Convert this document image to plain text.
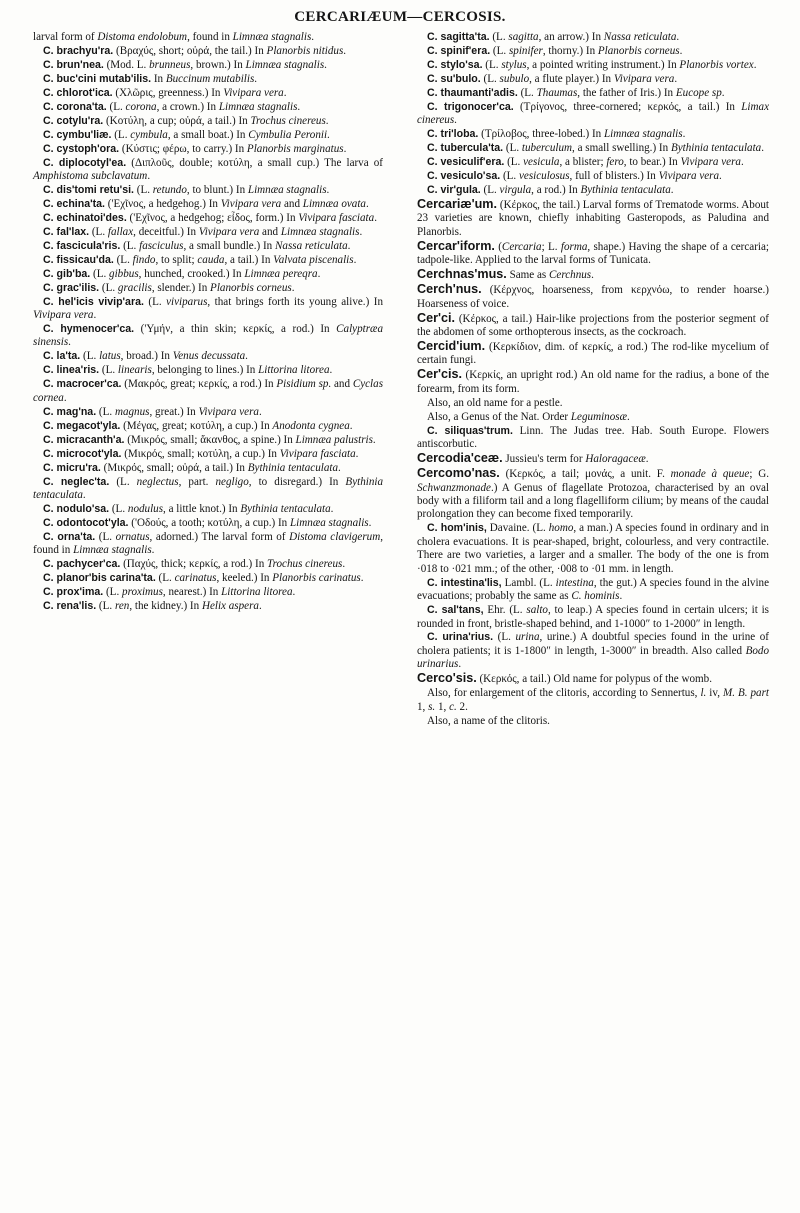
CERCARIÆUM—CERCOSIS.

larval form of Distoma endolobum, found in Limnæa stagnalis.

C. brachyu'ra. (Βραχύς, short; οὐρά, the tail.) In Planorbis nitidus.

C. brun'nea. (Mod. L. brunneus, brown.) In Limnæa stagnalis.

C. buc'cini mutab'ilis. In Buccinum mutabilis.

C. chlorot'ica. (Χλῶρις, greenness.) In Vivipara vera.

C. corona'ta. (L. corona, a crown.) In Limnæa stagnalis.

C. cotylu'ra. (Κοτύλη, a cup; οὐρά, a tail.) In Trochus cinereus.

C. cymbu'liæ. (L. cymbula, a small boat.) In Cymbulia Peronii.

C. cystoph'ora. (Κύστις; φέρω, to carry.) In Planorbis marginatus.

C. diplocotyl'ea. (Διπλοῦς, double; κοτύλη, a small cup.) The larva of Amphistoma subclavatum.

C. dis'tomi retu'si. (L. retundo, to blunt.) In Limnæa stagnalis.

C. echina'ta. ('Εχῖνος, a hedgehog.) In Vivipara vera and Limnæa ovata.

C. echinatoi'des. ('Εχῖνος, a hedgehog; εἶδος, form.) In Vivipara fasciata.

C. fal'lax. (L. fallax, deceitful.) In Vivipara vera and Limnæa stagnalis.

C. fascicula'ris. (L. fasciculus, a small bundle.) In Nassa reticulata.

C. fissicau'da. (L. findo, to split; cauda, a tail.) In Valvata piscenalis.

C. gib'ba. (L. gibbus, hunched, crooked.) In Limnæa pereqra.

C. grac'ilis. (L. gracilis, slender.) In Planorbis corneus.

C. hel'icis vivip'ara. (L. viviparus, that brings forth its young alive.) In Vivipara vera.

C. hymenocer'ca. ('Υμήν, a thin skin; κερκίς, a rod.) In Calyptræa sinensis.

C. la'ta. (L. latus, broad.) In Venus decussata.

C. linea'ris. (L. linearis, belonging to lines.) In Littorina litorea.

C. macrocer'ca. (Μακρός, great; κερκίς, a rod.) In Pisidium sp. and Cyclas cornea.

C. mag'na. (L. magnus, great.) In Vivipara vera.

C. megacot'yla. (Μέγας, great; κοτύλη, a cup.) In Anodonta cygnea.

C. micracanth'a. (Μικρός, small; ἄκανθος, a spine.) In Limnæa palustris.

C. microcot'yla. (Μικρός, small; κοτύλη, a cup.) In Vivipara fasciata.

C. micru'ra. (Μικρός, small; οὐρά, a tail.) In Bythinia tentaculata.

C. neglec'ta. (L. neglectus, part. negligo, to disregard.) In Bythinia tentaculata.

C. nodulo'sa. (L. nodulus, a little knot.) In Bythinia tentaculata.

C. odontocot'yla. ('Οδούς, a tooth; κοτύλη, a cup.) In Limnæa stagnalis.

C. orna'ta. (L. ornatus, adorned.) The larval form of Distoma clavigerum, found in Limnæa stagnalis.

C. pachycer'ca. (Παχύς, thick; κερκίς, a rod.) In Trochus cinereus.

C. planor'bis carina'ta. (L. carinatus, keeled.) In Planorbis carinatus.

C. prox'ima. (L. proximus, nearest.) In Littorina litorea.

C. rena'lis. (L. ren, the kidney.) In Helix aspera.

C. sagitta'ta. (L. sagitta, an arrow.) In Nassa reticulata.

C. spinif'era. (L. spinifer, thorny.) In Planorbis corneus.

C. stylo'sa. (L. stylus, a pointed writing instrument.) In Planorbis vortex.

C. su'bulo. (L. subulo, a flute player.) In Vivipara vera.

C. thaumanti'adis. (L. Thaumas, the father of Iris.) In Eucope sp.

C. trigonocer'ca. (Τρίγονος, three-cornered; κερκός, a tail.) In Limax cinereus.

C. tri'loba. (Τρίλοβος, three-lobed.) In Limnæa stagnalis.

C. tubercula'ta. (L. tuberculum, a small swelling.) In Bythinia tentaculata.

C. vesiculif'era. (L. vesicula, a blister; fero, to bear.) In Vivipara vera.

C. vesiculo'sa. (L. vesiculosus, full of blisters.) In Vivipara vera.

C. vir'gula. (L. virgula, a rod.) In Bythinia tentaculata.

Cercariæ'um. (Κέρκος, the tail.) Larval forms of Trematode worms. About 23 varieties are known, chiefly inhabiting Gasteropods, as Paludina and Planorbis.

Cercar'iform. (Cercaria; L. forma, shape.) Having the shape of a cercaria; tadpole-like. Applied to the larval forms of Tunicata.

Cerchnas'mus. Same as Cerchnus.

Cerch'nus. (Κέρχνος, hoarseness, from κερχνόω, to render hoarse.) Hoarseness of voice.

Cer'ci. (Κέρκος, a tail.) Hair-like projections from the posterior segment of the abdomen of some orthopterous insects, as the cockroach.

Cercid'ium. (Κερκίδιον, dim. of κερκίς, a rod.) The rod-like mycelium of certain fungi.

Cer'cis. (Κερκίς, an upright rod.) An old name for the radius, a bone of the forearm, from its form.

Also, an old name for a pestle.

Also, a Genus of the Nat. Order Leguminosæ.

C. siliquas'trum. Linn. The Judas tree. Hab. South Europe. Flowers antiscorbutic.

Cercodia'ceæ. Jussieu's term for Haloragaceæ.

Cercomo'nas. (Κερκός, a tail; μονάς, a unit. F. monade à queue; G. Schwanzmonade.) A Genus of flagellate Protozoa, characterised by an oval body with a filiform tail and a long flagelliform cilium; by means of the caudal prolongation they can become fixed temporarily.

C. hom'inis, Davaine. (L. homo, a man.) A species found in ordinary and in cholera evacuations. It is pear-shaped, bright, colourless, and very contractile. There are two varieties, a larger and a smaller. The body of the one is from ·018 to ·021 mm.; of the other, ·008 to ·01 mm. in length.

C. intestina'lis, Lambl. (L. intestina, the gut.) A species found in the alvine evacuations; probably the same as C. hominis.

C. sal'tans, Ehr. (L. salto, to leap.) A species found in certain ulcers; it is rounded in front, bristle-shaped behind, and 1-1000″ to 1-2000″ in length.

C. urina'rius. (L. urina, urine.) A doubtful species found in the urine of cholera patients; it is 1-1800″ in length, 1-3000″ in breadth. Also called Bodo urinarius.

Cerco'sis. (Κερκός, a tail.) Old name for polypus of the womb.

Also, for enlargement of the clitoris, according to Sennertus, l. iv, M. B. part 1, s. 1, c. 2.

Also, a name of the clitoris.
